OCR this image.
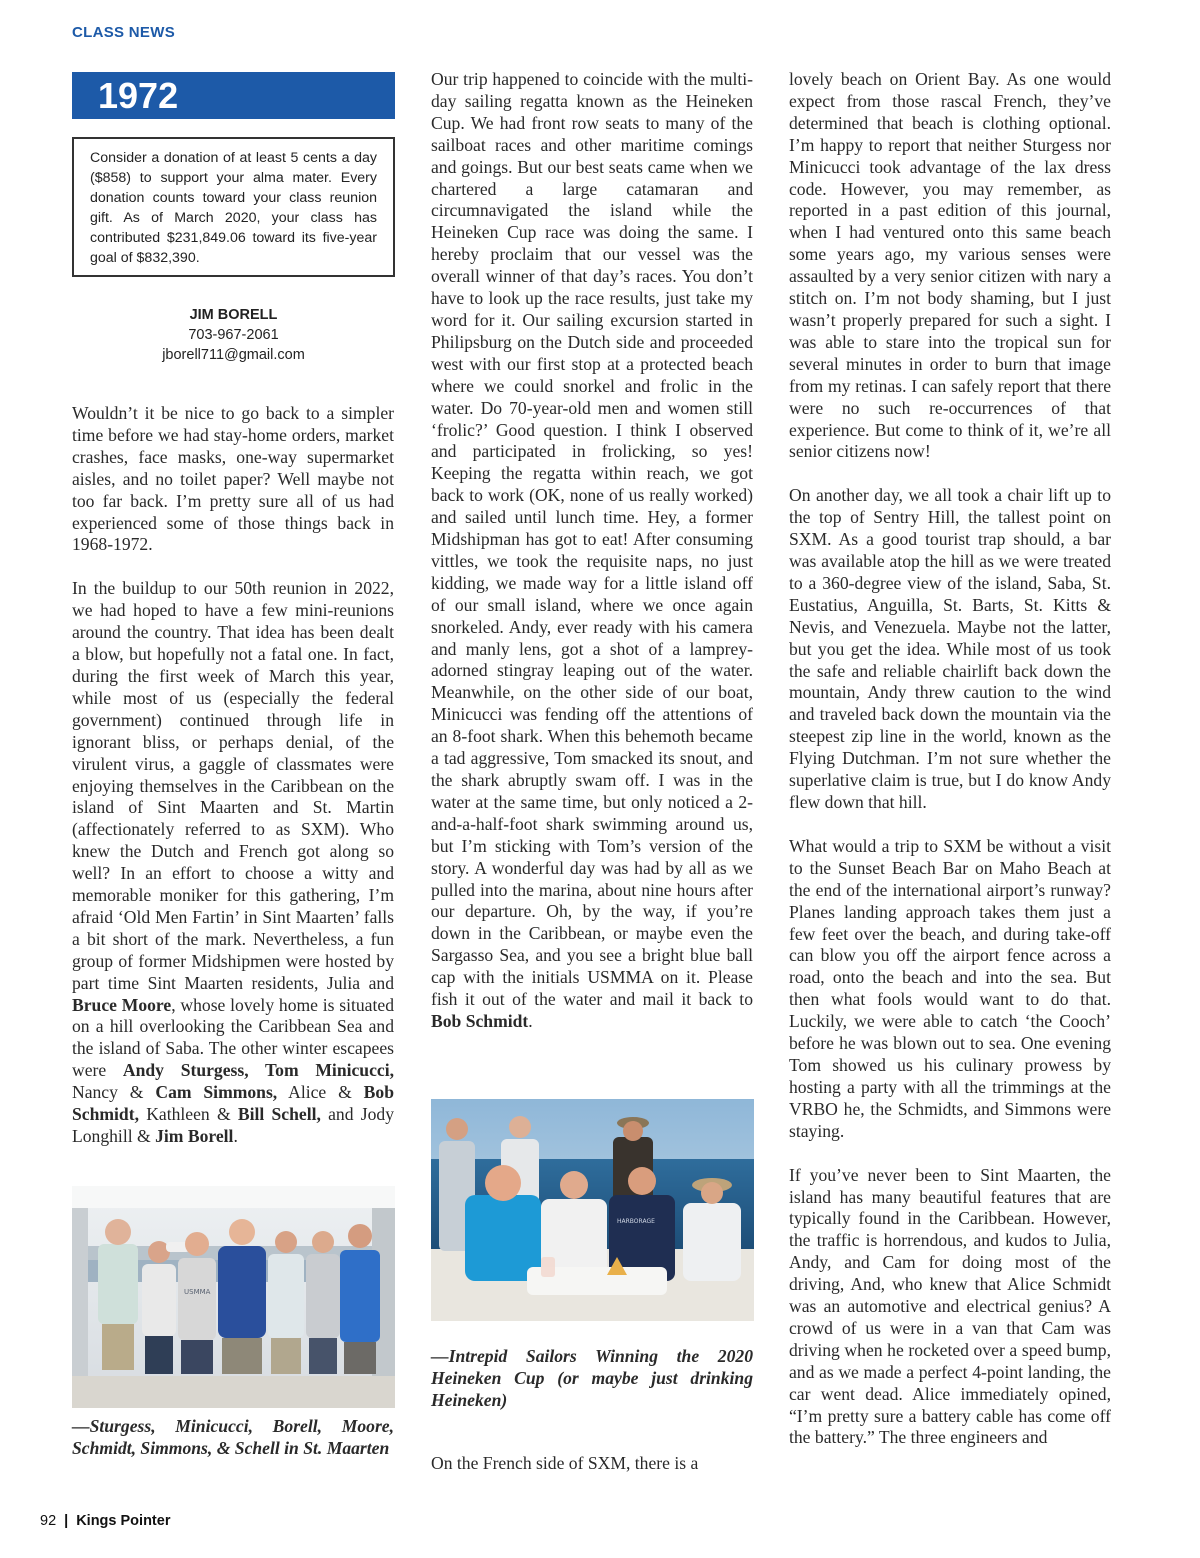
CLASS NEWS
1972
Consider a donation of at least 5 cents a day ($858) to support your alma mater. Every donation counts toward your class reunion gift. As of March 2020, your class has contributed $231,849.06 toward its five-year goal of $832,390.
JIM BORELL
703-967-2061
jborell711@gmail.com

Wouldn’t it be nice to go back to a simpler time before we had stay-home orders, market crashes, face masks, one-way supermarket aisles, and no toilet paper? Well maybe not too far back. I’m pretty sure all of us had experienced some of those things back in 1968-1972.

In the buildup to our 50th reunion in 2022, we had hoped to have a few mini-reunions around the country. That idea has been dealt a blow, but hopefully not a fatal one. In fact, during the first week of March this year, while most of us (especially the federal government) continued through life in ignorant bliss, or perhaps denial, of the virulent virus, a gaggle of classmates were enjoying themselves in the Caribbean on the island of Sint Maarten and St. Martin (affectionately referred to as SXM). Who knew the Dutch and French got along so well? In an effort to choose a witty and memorable moniker for this gathering, I’m afraid ‘Old Men Fartin’ in Sint Maarten’ falls a bit short of the mark. Nevertheless, a fun group of former Midshipmen were hosted by part time Sint Maarten residents, Julia and Bruce Moore, whose lovely home is situated on a hill overlooking the Caribbean Sea and the island of Saba. The other winter escapees were Andy Sturgess, Tom Minicucci, Nancy & Cam Simmons, Alice & Bob Schmidt, Kathleen & Bill Schell, and Jody Longhill & Jim Borell.

USMMA
—Sturgess, Minicucci, Borell, Moore, Schmidt, Simmons, & Schell in St. Maarten

Our trip happened to coincide with the multi-day sailing regatta known as the Heineken Cup. We had front row seats to many of the sailboat races and other maritime comings and goings. But our best seats came when we chartered a large catamaran and circumnavigated the island while the Heineken Cup race was doing the same. I hereby proclaim that our vessel was the overall winner of that day’s races. You don’t have to look up the race results, just take my word for it. Our sailing excursion started in Philipsburg on the Dutch side and proceeded west with our first stop at a protected beach where we could snorkel and frolic in the water. Do 70-year-old men and women still ‘frolic?’ Good question. I think I observed and participated in frolicking, so yes! Keeping the regatta within reach, we got back to work (OK, none of us really worked) and sailed until lunch time. Hey, a former Midshipman has got to eat! After consuming vittles, we took the requisite naps, no just kidding, we made way for a little island off of our small island, where we once again snorkeled. Andy, ever ready with his camera and manly lens, got a shot of a lamprey-adorned stingray leaping out of the water. Meanwhile, on the other side of our boat, Minicucci was fending off the attentions of an 8-foot shark. When this behemoth became a tad aggressive, Tom smacked its snout, and the shark abruptly swam off. I was in the water at the same time, but only noticed a 2-and-a-half-foot shark swimming around us, but I’m sticking with Tom’s version of the story. A wonderful day was had by all as we pulled into the marina, about nine hours after our departure. Oh, by the way, if you’re down in the Caribbean, or maybe even the Sargasso Sea, and you see a bright blue ball cap with the initials USMMA on it. Please fish it out of the water and mail it back to Bob Schmidt.

HARBORAGE
—Intrepid Sailors Winning the 2020 Heineken Cup (or maybe just drinking Heineken)

On the French side of SXM, there is a

lovely beach on Orient Bay. As one would expect from those rascal French, they’ve determined that beach is clothing optional. I’m happy to report that neither Sturgess nor Minicucci took advantage of the lax dress code. However, you may remember, as reported in a past edition of this journal, when I had ventured onto this same beach some years ago, my various senses were assaulted by a very senior citizen with nary a stitch on. I’m not body shaming, but I just wasn’t properly prepared for such a sight. I was able to stare into the tropical sun for several minutes in order to burn that image from my retinas. I can safely report that there were no such re-occurrences of that experience. But come to think of it, we’re all senior citizens now!

On another day, we all took a chair lift up to the top of Sentry Hill, the tallest point on SXM. As a good tourist trap should, a bar was available atop the hill as we were treated to a 360-degree view of the island, Saba, St. Eustatius, Anguilla, St. Barts, St. Kitts & Nevis, and Venezuela. Maybe not the latter, but you get the idea. While most of us took the safe and reliable chairlift back down the mountain, Andy threw caution to the wind and traveled back down the mountain via the steepest zip line in the world, known as the Flying Dutchman. I’m not sure whether the superlative claim is true, but I do know Andy flew down that hill.

What would a trip to SXM be without a visit to the Sunset Beach Bar on Maho Beach at the end of the international airport’s runway? Planes landing approach takes them just a few feet over the beach, and during take-off can blow you off the airport fence across a road, onto the beach and into the sea. But then what fools would want to do that. Luckily, we were able to catch ‘the Cooch’ before he was blown out to sea. One evening Tom showed us his culinary prowess by hosting a party with all the trimmings at the VRBO he, the Schmidts, and Simmons were staying.

If you’ve never been to Sint Maarten, the island has many beautiful features that are typically found in the Caribbean. However, the traffic is horrendous, and kudos to Julia, Andy, and Cam for doing most of the driving, And, who knew that Alice Schmidt was an automotive and electrical genius? A crowd of us were in a van that Cam was driving when he rocketed over a speed bump, and as we made a perfect 4-point landing, the car went dead. Alice immediately opined, “I’m pretty sure a battery cable has come off the battery.” The three engineers and

92 | Kings Pointer
